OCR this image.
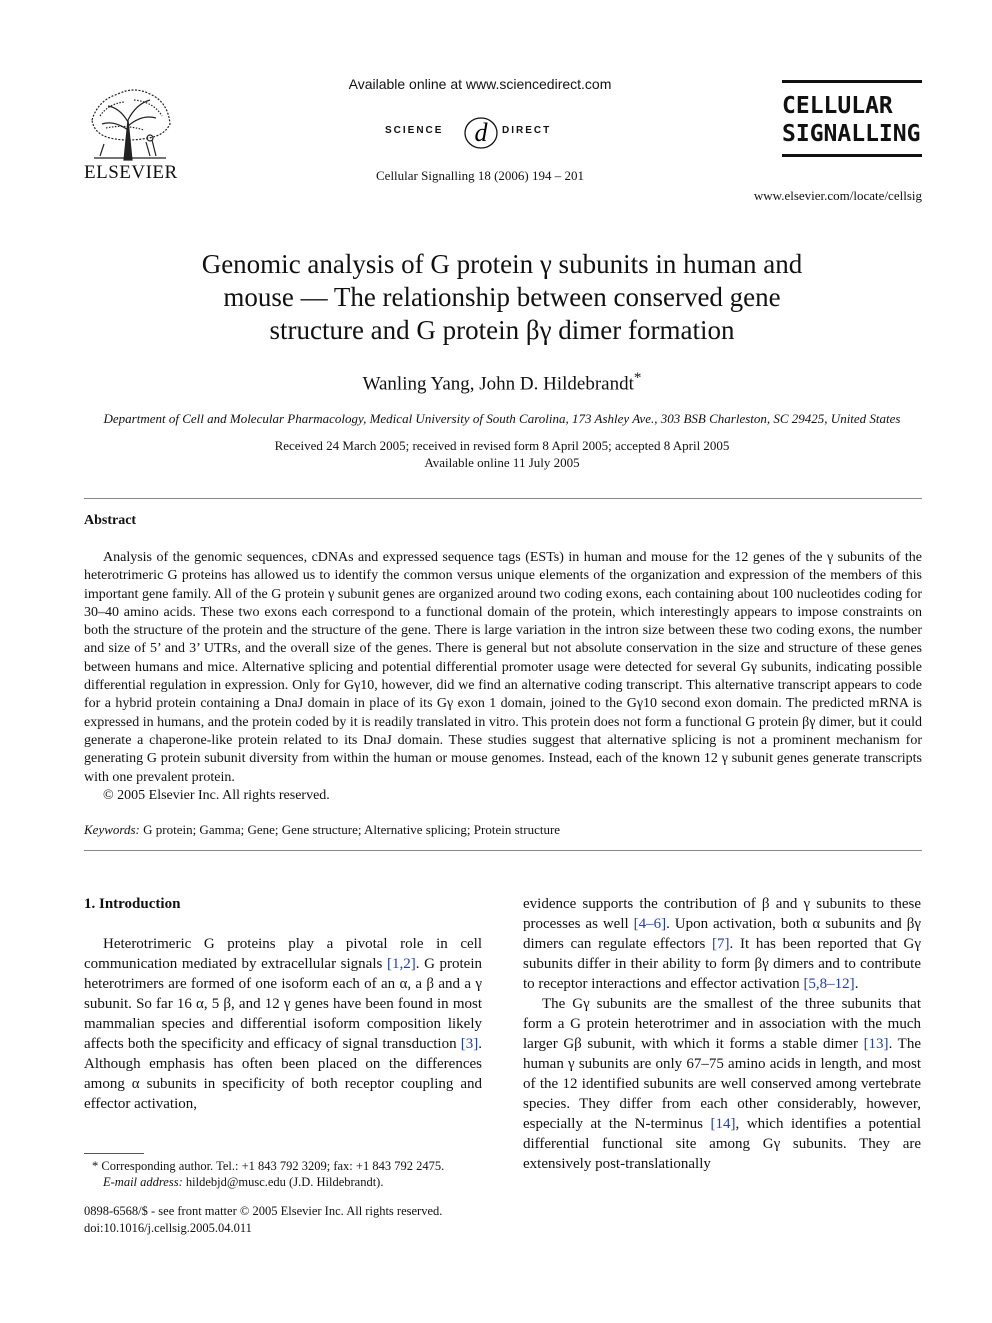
ELSEVIER
Available online at www.sciencedirect.com
SCIENCE d DIRECT
Cellular Signalling 18 (2006) 194 – 201
CELLULAR
SIGNALLING
www.elsevier.com/locate/cellsig
Genomic analysis of G protein γ subunits in human and
mouse — The relationship between conserved gene
structure and G protein βγ dimer formation
Wanling Yang, John D. Hildebrandt*
Department of Cell and Molecular Pharmacology, Medical University of South Carolina, 173 Ashley Ave., 303 BSB Charleston, SC 29425, United States
Received 24 March 2005; received in revised form 8 April 2005; accepted 8 April 2005
Available online 11 July 2005
Abstract

Analysis of the genomic sequences, cDNAs and expressed sequence tags (ESTs) in human and mouse for the 12 genes of the γ subunits of the heterotrimeric G proteins has allowed us to identify the common versus unique elements of the organization and expression of the members of this important gene family. All of the G protein γ subunit genes are organized around two coding exons, each containing about 100 nucleotides coding for 30–40 amino acids. These two exons each correspond to a functional domain of the protein, which interestingly appears to impose constraints on both the structure of the protein and the structure of the gene. There is large variation in the intron size between these two coding exons, the number and size of 5’ and 3’ UTRs, and the overall size of the genes. There is general but not absolute conservation in the size and structure of these genes between humans and mice. Alternative splicing and potential differential promoter usage were detected for several Gγ subunits, indicating possible differential regulation in expression. Only for Gγ10, however, did we find an alternative coding transcript. This alternative transcript appears to code for a hybrid protein containing a DnaJ domain in place of its Gγ exon 1 domain, joined to the Gγ10 second exon domain. The predicted mRNA is expressed in humans, and the protein coded by it is readily translated in vitro. This protein does not form a functional G protein βγ dimer, but it could generate a chaperone-like protein related to its DnaJ domain. These studies suggest that alternative splicing is not a prominent mechanism for generating G protein subunit diversity from within the human or mouse genomes. Instead, each of the known 12 γ subunit genes generate transcripts with one prevalent protein.

© 2005 Elsevier Inc. All rights reserved.

Keywords: G protein; Gamma; Gene; Gene structure; Alternative splicing; Protein structure

1. Introduction

Heterotrimeric G proteins play a pivotal role in cell communication mediated by extracellular signals [1,2]. G protein heterotrimers are formed of one isoform each of an α, a β and a γ subunit. So far 16 α, 5 β, and 12 γ genes have been found in most mammalian species and differential isoform composition likely affects both the specificity and efficacy of signal transduction [3]. Although emphasis has often been placed on the differences among α subunits in specificity of both receptor coupling and effector activation,

evidence supports the contribution of β and γ subunits to these processes as well [4–6]. Upon activation, both α subunits and βγ dimers can regulate effectors [7]. It has been reported that Gγ subunits differ in their ability to form βγ dimers and to contribute to receptor interactions and effector activation [5,8–12].

The Gγ subunits are the smallest of the three subunits that form a G protein heterotrimer and in association with the much larger Gβ subunit, with which it forms a stable dimer [13]. The human γ subunits are only 67–75 amino acids in length, and most of the 12 identified subunits are well conserved among vertebrate species. They differ from each other considerably, however, especially at the N-terminus [14], which identifies a potential differential functional site among Gγ subunits. They are extensively post-translationally

* Corresponding author. Tel.: +1 843 792 3209; fax: +1 843 792 2475.

E-mail address: hildebjd@musc.edu (J.D. Hildebrandt).

0898-6568/$ - see front matter © 2005 Elsevier Inc. All rights reserved.
doi:10.1016/j.cellsig.2005.04.011
